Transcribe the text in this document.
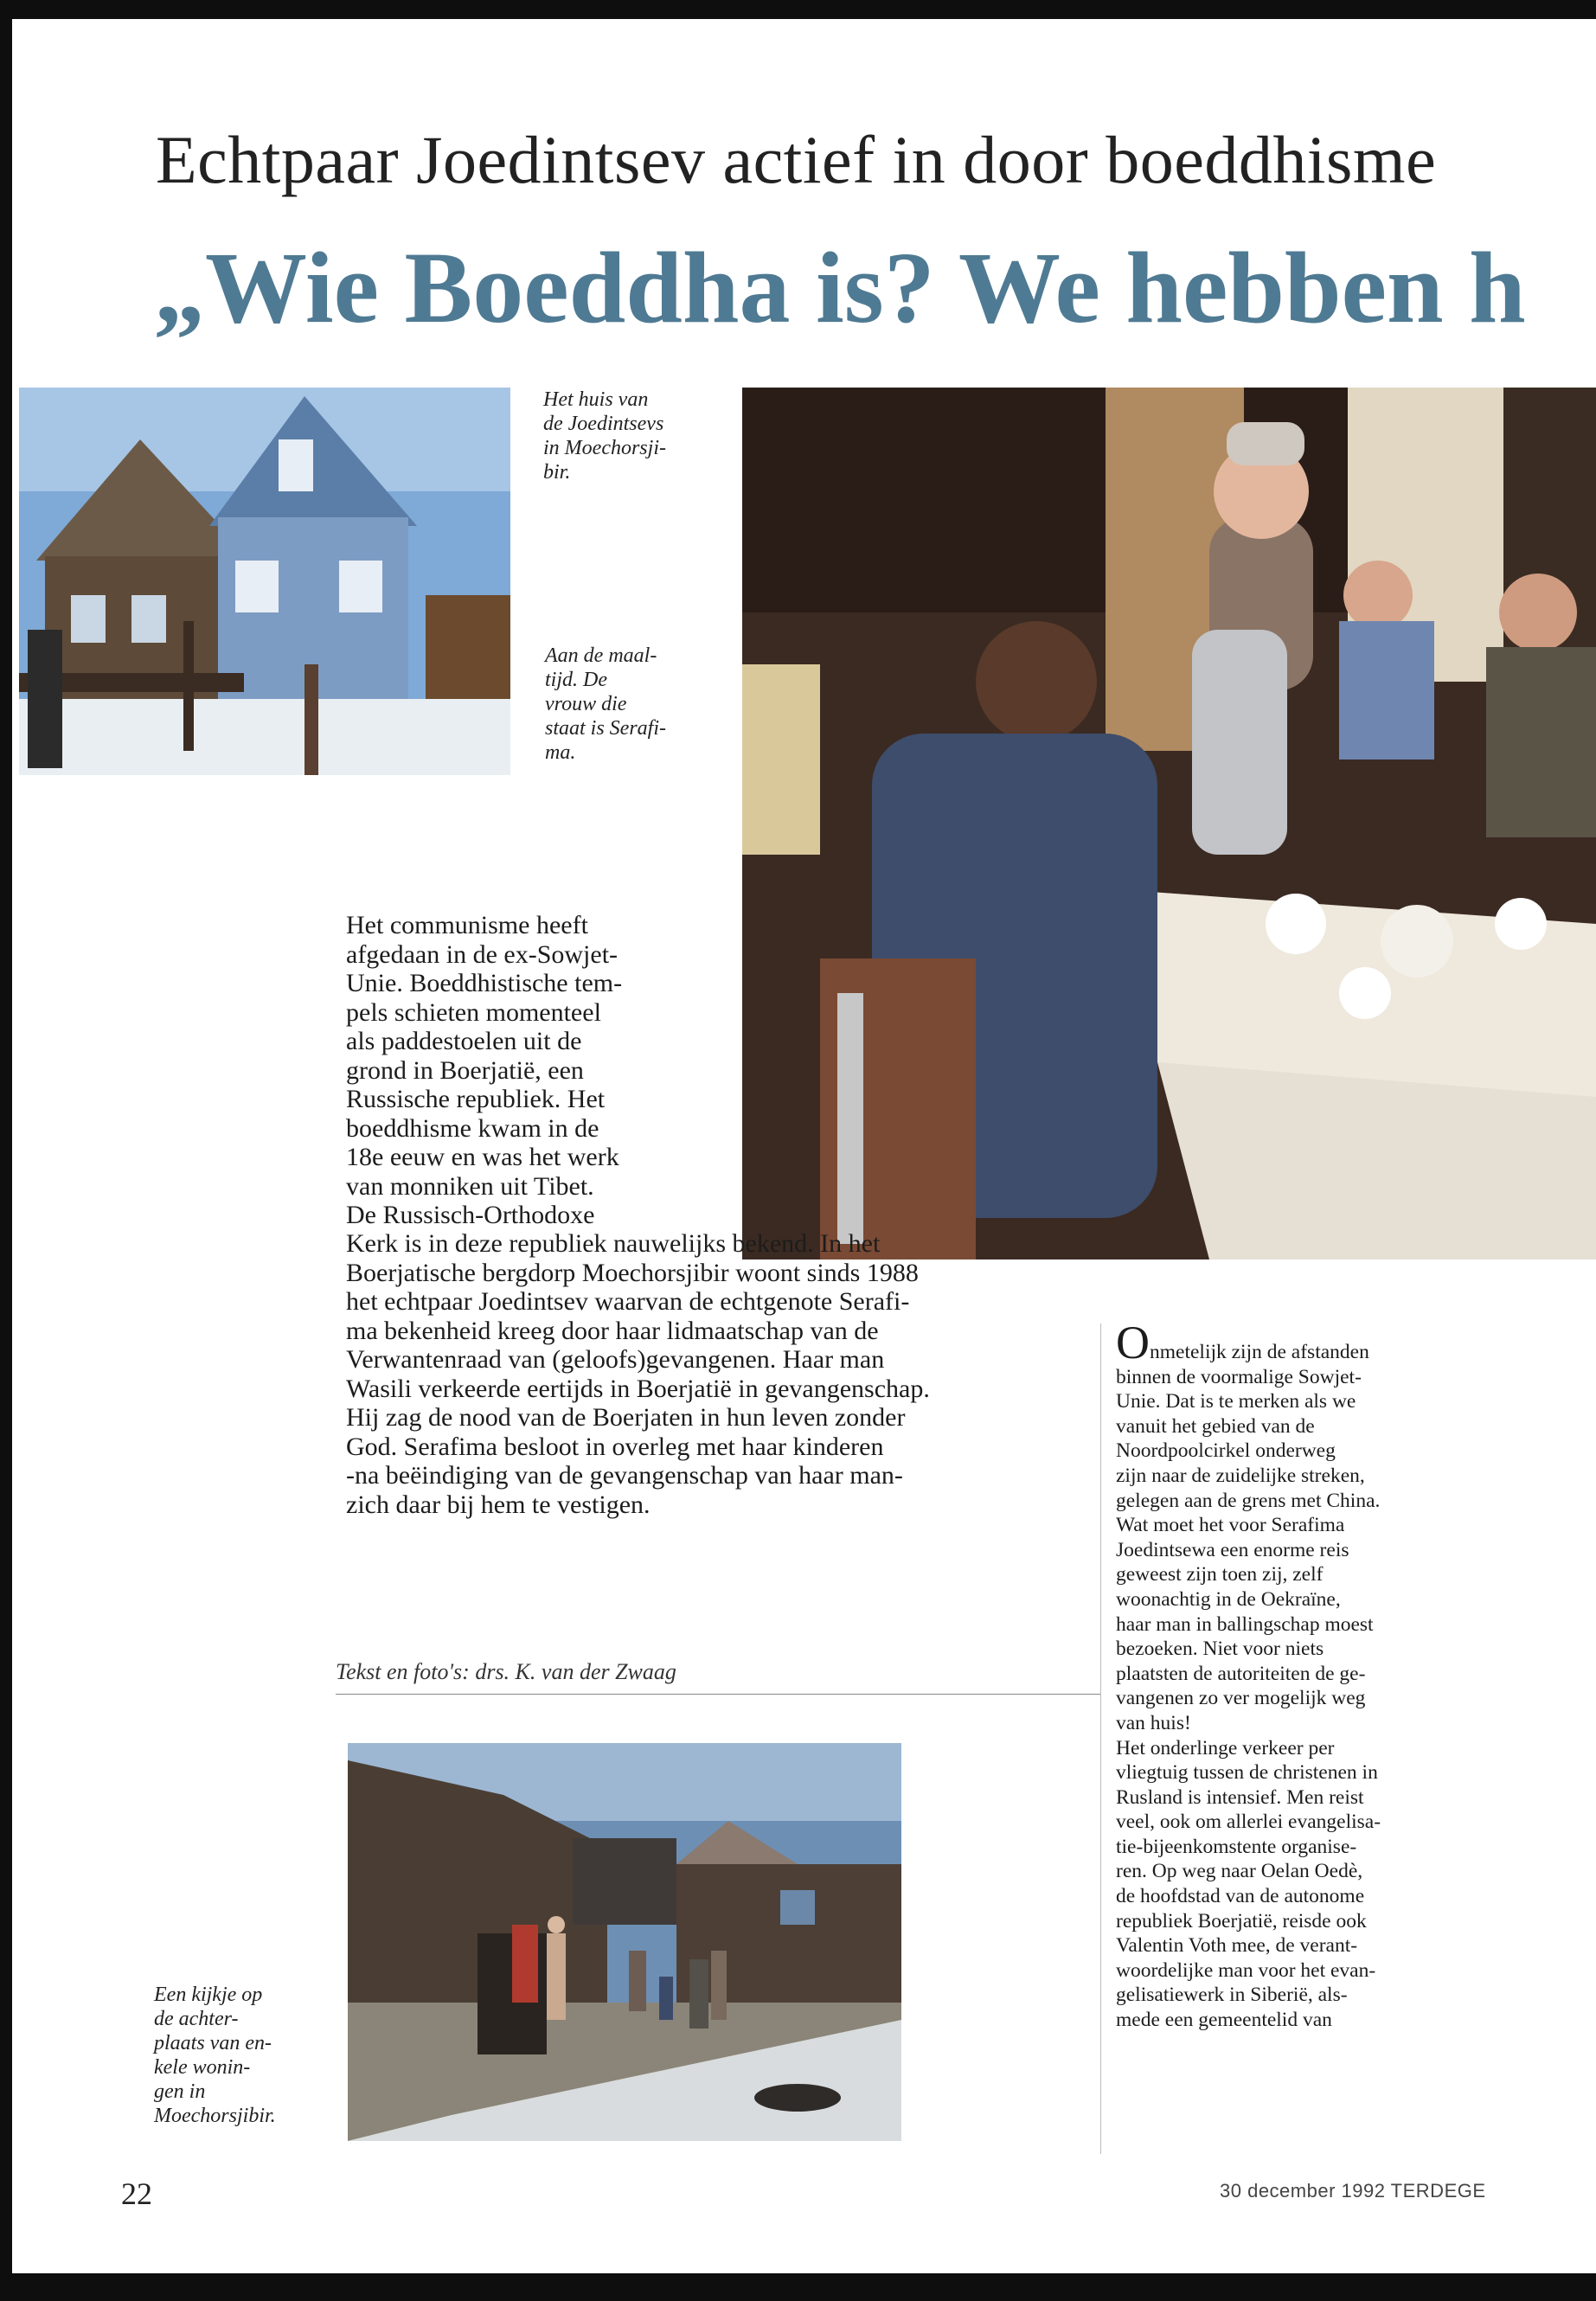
Echtpaar Joedintsev actief in door boeddhisme
„Wie Boeddha is? We hebben h
Het huis van
de Joedintsevs
in Moechorsji-
bir.
Aan de maal-
tijd. De
vrouw die
staat is Serafi-
ma.
Het communisme heeft
afgedaan in de ex-Sowjet-
Unie. Boeddhistische tem-
pels schieten momenteel
als paddestoelen uit de
grond in Boerjatië, een
Russische republiek. Het
boeddhisme kwam in de
18e eeuw en was het werk
van monniken uit Tibet.
De Russisch-Orthodoxe
Kerk is in deze republiek nauwelijks bekend. In het
Boerjatische bergdorp Moechorsjibir woont sinds 1988
het echtpaar Joedintsev waarvan de echtgenote Serafi-
ma bekenheid kreeg door haar lidmaatschap van de
Verwantenraad van (geloofs)gevangenen. Haar man
Wasili verkeerde eertijds in Boerjatië in gevangenschap.
Hij zag de nood van de Boerjaten in hun leven zonder
God. Serafima besloot in overleg met haar kinderen
-na beëindiging van de gevangenschap van haar man-
zich daar bij hem te vestigen.
Tekst en foto's: drs. K. van der Zwaag
Onmetelijk zijn de afstanden
binnen de voormalige Sowjet-
Unie. Dat is te merken als we
vanuit het gebied van de
Noordpoolcirkel onderweg
zijn naar de zuidelijke streken,
gelegen aan de grens met China.
Wat moet het voor Serafima
Joedintsewa een enorme reis
geweest zijn toen zij, zelf
woonachtig in de Oekraïne,
haar man in ballingschap moest
bezoeken. Niet voor niets
plaatsten de autoriteiten de ge-
vangenen zo ver mogelijk weg
van huis!
Het onderlinge verkeer per
vliegtuig tussen de christenen in
Rusland is intensief. Men reist
veel, ook om allerlei evangelisa-
tie-bijeenkomstente organise-
ren. Op weg naar Oelan Oedè,
de hoofdstad van de autonome
republiek Boerjatië, reisde ook
Valentin Voth mee, de verant-
woordelijke man voor het evan-
gelisatiewerk in Siberië, als-
mede een gemeentelid van
Een kijkje op
de achter-
plaats van en-
kele wonin-
gen in
Moechorsjibir.
22	30 december 1992 TERDEGE
